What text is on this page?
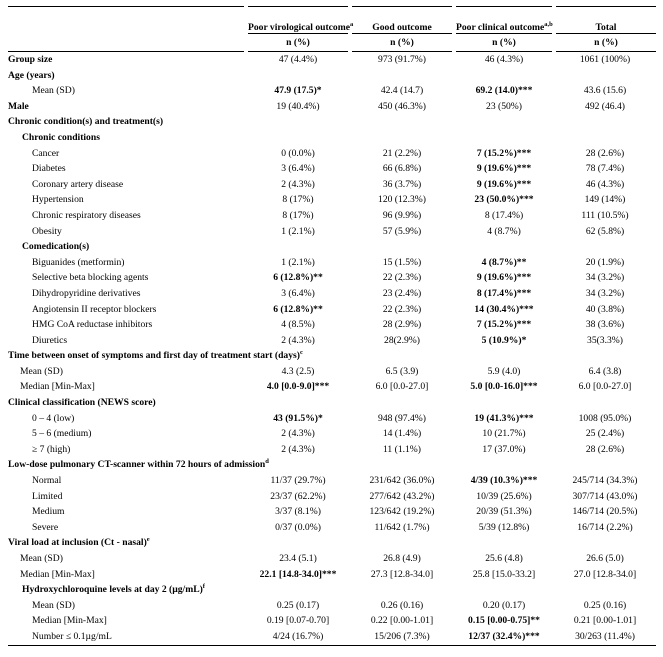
	Poor virological outcome$^a$	Good outcome	Poor clinical outcome$^{a,b}$	Total
	n (%)	n (%)	n (%)	n (%)
Group size	47 (4.4%)	973 (91.7%)	46 (4.3%)	1061 (100%)
Age (years)				
Mean (SD)	47.9 (17.5)*	42.4 (14.7)	69.2 (14.0)***	43.6 (15.6)
Male	19 (40.4%)	450 (46.3%)	23 (50%)	492 (46.4)
Chronic condition(s) and treatment(s)				
Chronic conditions				
Cancer	0 (0.0%)	21 (2.2%)	7 (15.2%)***	28 (2.6%)
Diabetes	3 (6.4%)	66 (6.8%)	9 (19.6%)***	78 (7.4%)
Coronary artery disease	2 (4.3%)	36 (3.7%)	9 (19.6%)***	46 (4.3%)
Hypertension	8 (17%)	120 (12.3%)	23 (50.0%)***	149 (14%)
Chronic respiratory diseases	8 (17%)	96 (9.9%)	8 (17.4%)	111 (10.5%)
Obesity	1 (2.1%)	57 (5.9%)	4 (8.7%)	62 (5.8%)
Comedication(s)				
Biguanides (metformin)	1 (2.1%)	15 (1.5%)	4 (8.7%)**	20 (1.9%)
Selective beta blocking agents	6 (12.8%)**	22 (2.3%)	9 (19.6%)***	34 (3.2%)
Dihydropyridine derivatives	3 (6.4%)	23 (2.4%)	8 (17.4%)***	34 (3.2%)
Angiotensin II receptor blockers	6 (12.8%)**	22 (2.3%)	14 (30.4%)***	40 (3.8%)
HMG CoA reductase inhibitors	4 (8.5%)	28 (2.9%)	7 (15.2%)***	38 (3.6%)
Diuretics	2 (4.3%)	28(2.9%)	5 (10.9%)*	35(3.3%)
Time between onset of symptoms and first day of treatment start (days)$^c$				
Mean (SD)	4.3 (2.5)	6.5 (3.9)	5.9 (4.0)	6.4 (3.8)
Median [Min-Max]	4.0 [0.0-9.0]***	6.0 [0.0-27.0]	5.0 [0.0-16.0]***	6.0 [0.0-27.0]
Clinical classification (NEWS score)				
0 – 4 (low)	43 (91.5%)*	948 (97.4%)	19 (41.3%)***	1008 (95.0%)
5 – 6 (medium)	2 (4.3%)	14 (1.4%)	10 (21.7%)	25 (2.4%)
≥ 7 (high)	2 (4.3%)	11 (1.1%)	17 (37.0%)	28 (2.6%)
Low-dose pulmonary CT-scanner within 72 hours of admission$^d$				
Normal	11/37 (29.7%)	231/642 (36.0%)	4/39 (10.3%)***	245/714 (34.3%)
Limited	23/37 (62.2%)	277/642 (43.2%)	10/39 (25.6%)	307/714 (43.0%)
Medium	3/37 (8.1%)	123/642 (19.2%)	20/39 (51.3%)	146/714 (20.5%)
Severe	0/37 (0.0%)	11/642 (1.7%)	5/39 (12.8%)	16/714 (2.2%)
Viral load at inclusion (Ct - nasal)$^e$				
Mean (SD)	23.4 (5.1)	26.8 (4.9)	25.6 (4.8)	26.6 (5.0)
Median [Min-Max]	22.1 [14.8-34.0]***	27.3 [12.8-34.0]	25.8 [15.0-33.2]	27.0 [12.8-34.0]
Hydroxychloroquine levels at day 2 $(\mu g/mL)^f$				
Mean (SD)	0.25 (0.17)	0.26 (0.16)	0.20 (0.17)	0.25 (0.16)
Median [Min-Max]	0.19 [0.07-0.70]	0.22 [0.00-1.01]	0.15 [0.00-0.75]**	0.21 [0.00-1.01]
Number ≤ 0.1µg/mL	4/24 (16.7%)	15/206 (7.3%)	12/37 (32.4%)***	30/263 (11.4%)
